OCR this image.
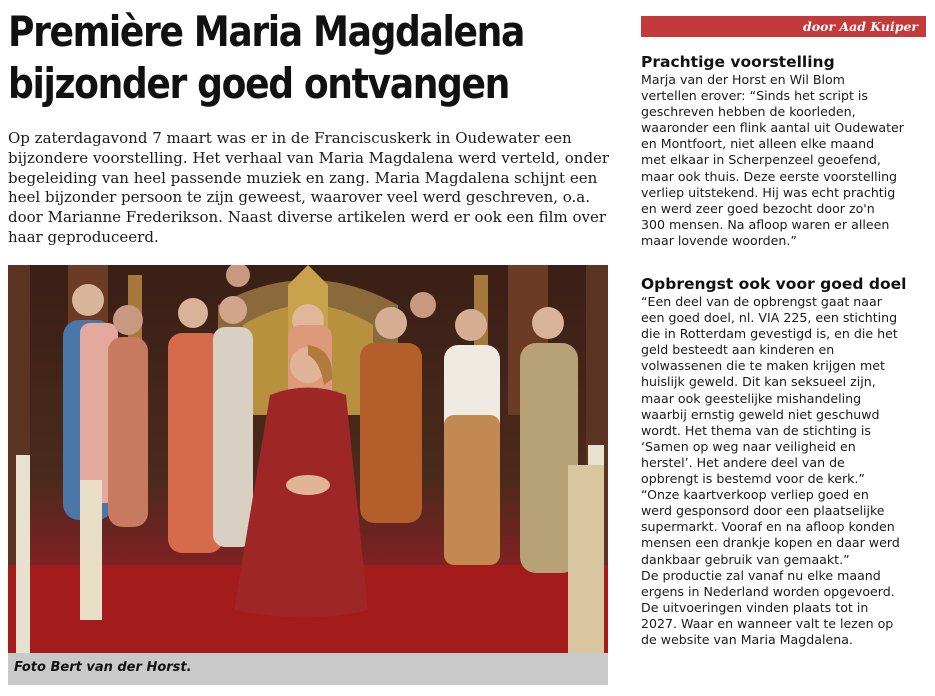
Première Maria Magdalena
bijzonder goed ontvangen

Op zaterdagavond 7 maart was er in de Franciscuskerk in Oudewater een bijzondere voorstelling. Het verhaal van Maria Magdalena werd verteld, onder begeleiding van heel passende muziek en zang. Maria Magdalena schijnt een heel bijzonder persoon te zijn geweest, waarover veel werd geschreven, o.a. door Marianne Frederikson. Naast diverse artikelen werd er ook een film over haar geproduceerd.

Foto Bert van der Horst.

door Aad Kuiper
Prachtige voorstelling
Marja van der Horst en Wil Blom
vertellen erover: “Sinds het script is
geschreven hebben de koorleden,
waaronder een flink aantal uit Oudewater
en Montfoort, niet alleen elke maand
met elkaar in Scherpenzeel geoefend,
maar ook thuis. Deze eerste voorstelling
verliep uitstekend. Hij was echt prachtig
en werd zeer goed bezocht door zo'n
300 mensen. Na afloop waren er alleen
maar lovende woorden.”
Opbrengst ook voor goed doel
“Een deel van de opbrengst gaat naar
een goed doel, nl. VIA 225, een stichting
die in Rotterdam gevestigd is, en die het
geld besteedt aan kinderen en
volwassenen die te maken krijgen met
huislijk geweld. Dit kan seksueel zijn,
maar ook geestelijke mishandeling
waarbij ernstig geweld niet geschuwd
wordt. Het thema van de stichting is
‘Samen op weg naar veiligheid en
herstel’. Het andere deel van de
opbrengt is bestemd voor de kerk.”
“Onze kaartverkoop verliep goed en
werd gesponsord door een plaatselijke
supermarkt. Vooraf en na afloop konden
mensen een drankje kopen en daar werd
dankbaar gebruik van gemaakt.”
De productie zal vanaf nu elke maand
ergens in Nederland worden opgevoerd.
De uitvoeringen vinden plaats tot in
2027. Waar en wanneer valt te lezen op
de website van Maria Magdalena.
